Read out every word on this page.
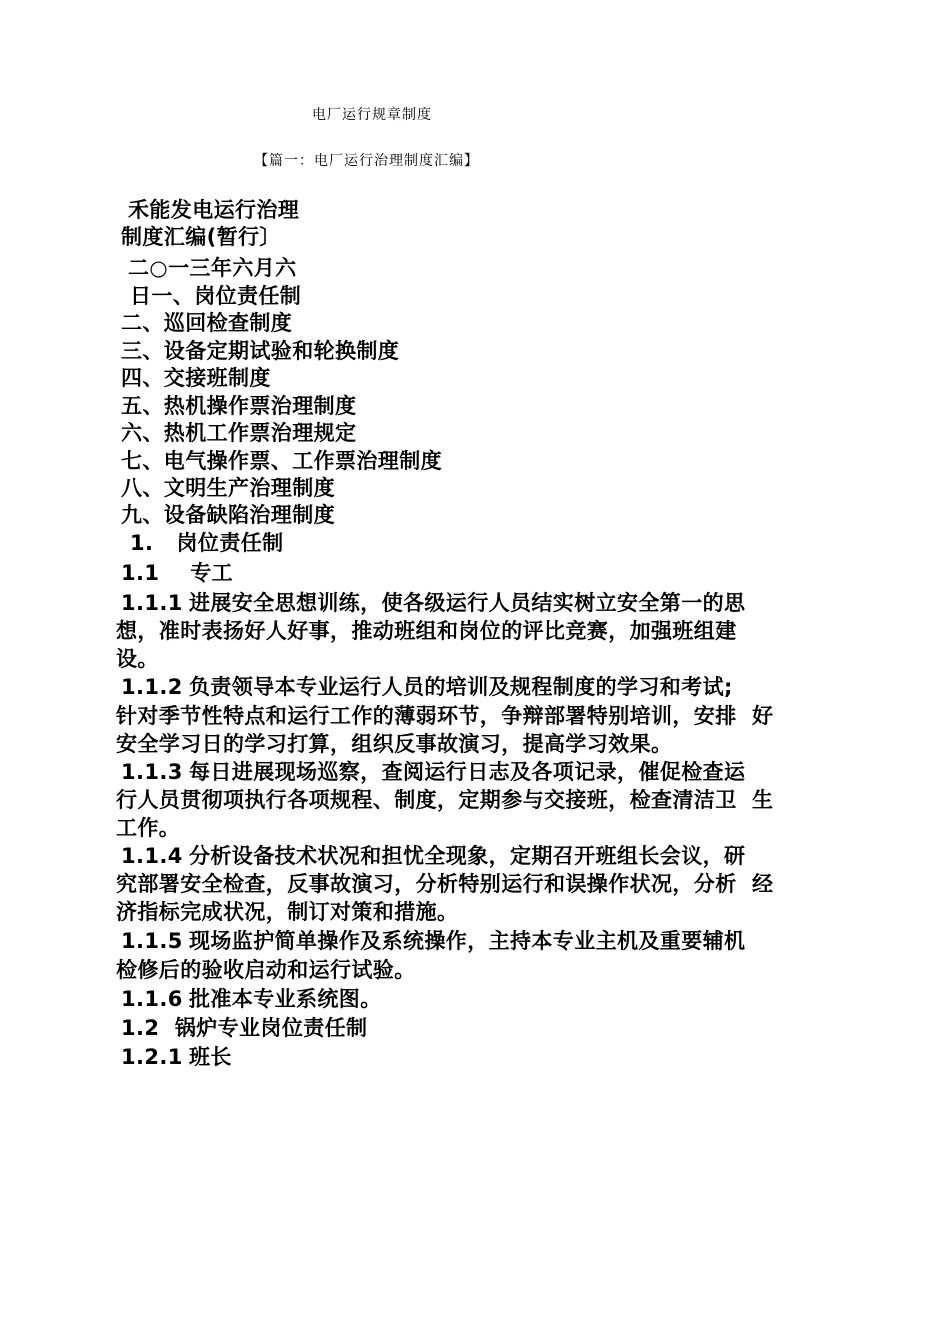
电厂运行规章制度
【篇一：电厂运行治理制度汇编】
禾能发电运行治理
制度汇编(暂行〕
二○一三年六月六
日一、岗位责任制
二、巡回检查制度
三、设备定期试验和轮换制度
四、交接班制度
五、热机操作票治理制度
六、热机工作票治理规定
七、电气操作票、工作票治理制度
八、文明生产治理制度
九、设备缺陷治理制度
1.   岗位责任制
1.1    专工
1.1.1 进展安全思想训练，使各级运行人员结实树立安全第一的思
想，准时表扬好人好事，推动班组和岗位的评比竞赛，加强班组建
设。
1.1.2 负责领导本专业运行人员的培训及规程制度的学习和考试;
针对季节性特点和运行工作的薄弱环节，争辩部署特别培训，安排  好
安全学习日的学习打算，组织反事故演习，提高学习效果。
1.1.3 每日进展现场巡察，查阅运行日志及各项记录，催促检查运
行人员贯彻项执行各项规程、制度，定期参与交接班，检查清洁卫  生
工作。
1.1.4 分析设备技术状况和担忧全现象，定期召开班组长会议，研
究部署安全检查，反事故演习，分析特别运行和误操作状况，分析  经
济指标完成状况，制订对策和措施。
1.1.5 现场监护简单操作及系统操作，主持本专业主机及重要辅机
检修后的验收启动和运行试验。
1.1.6 批准本专业系统图。
1.2  锅炉专业岗位责任制
1.2.1 班长
